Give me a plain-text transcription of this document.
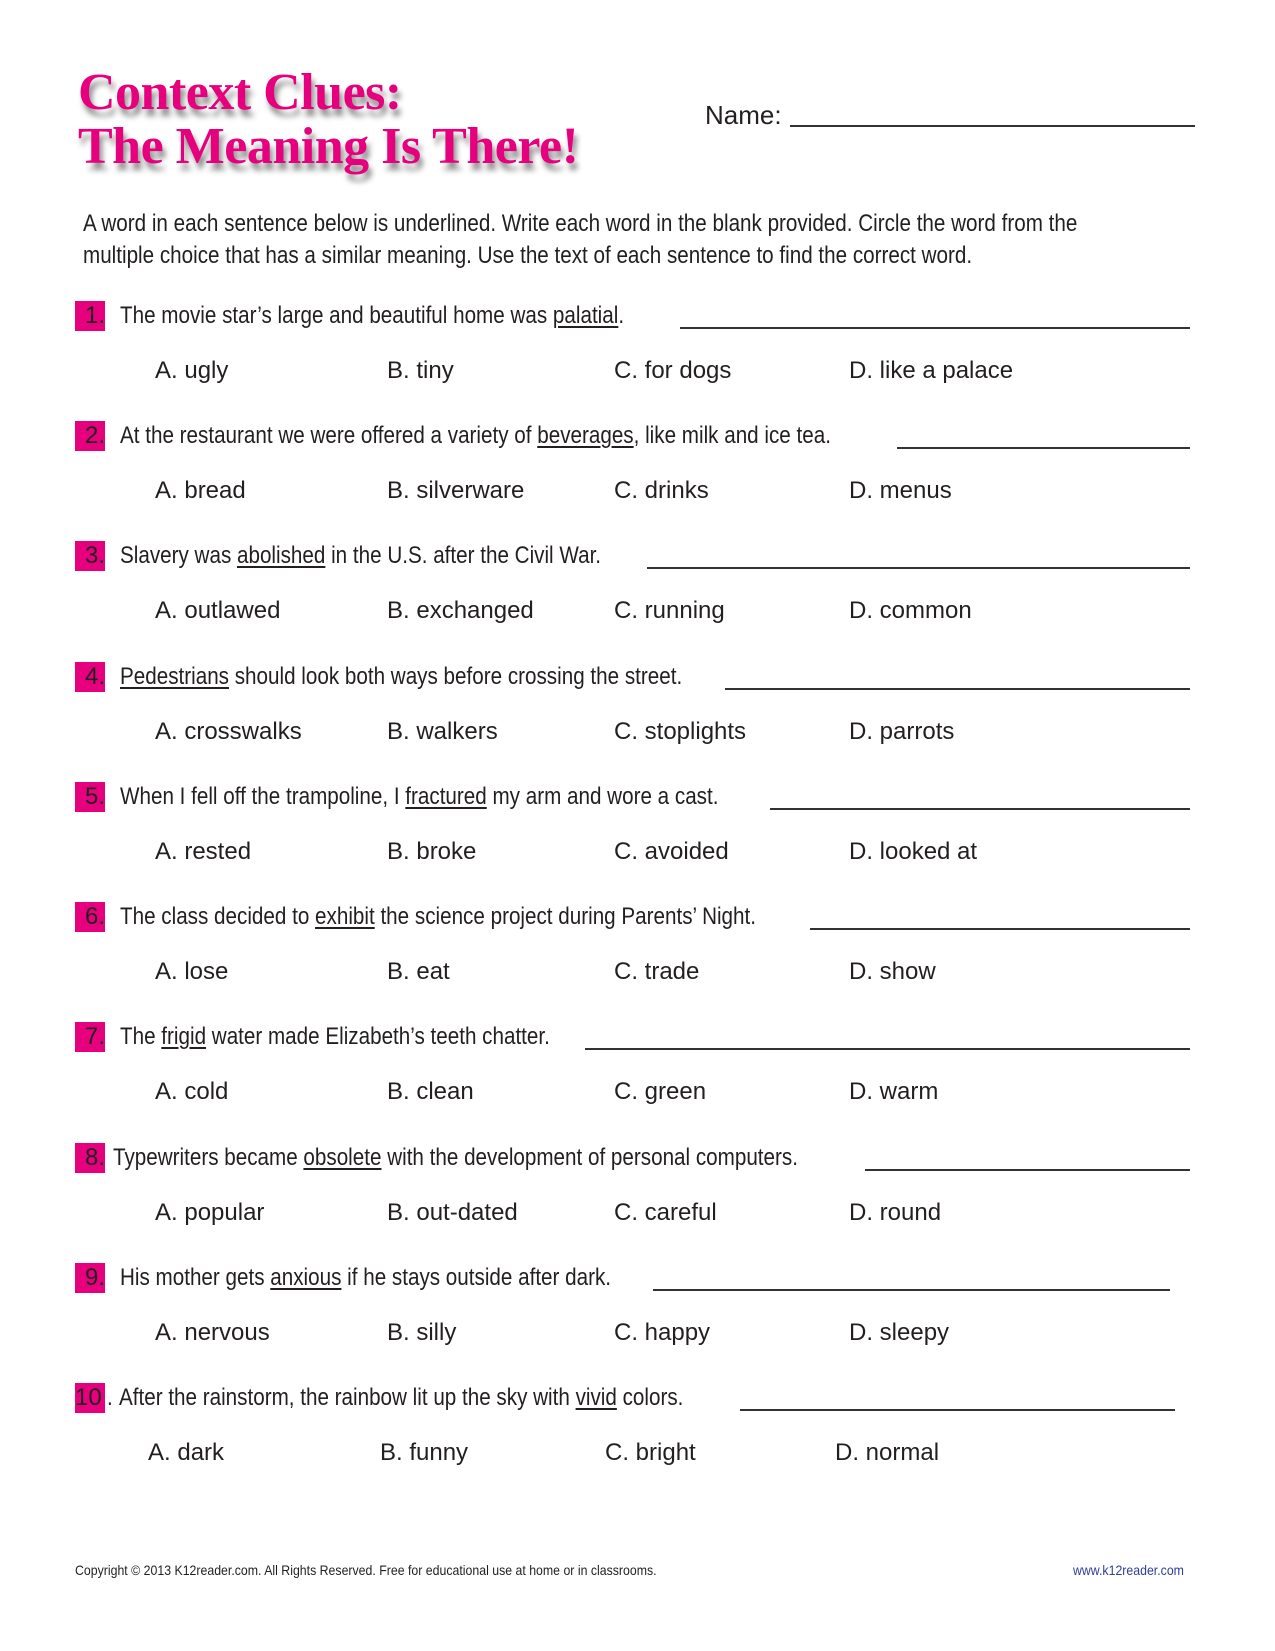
Context Clues:
The Meaning Is There!
Name:
A word in each sentence below is underlined. Write each word in the blank provided. Circle the word from the
multiple choice that has a similar meaning. Use the text of each sentence to find the correct word.
1. The movie star’s large and beautiful home was palatial.
A. ugly	B. tiny	C. for dogs	D. like a palace
2. At the restaurant we were offered a variety of beverages, like milk and ice tea.
A. bread	B. silverware	C. drinks	D. menus
3. Slavery was abolished in the U.S. after the Civil War.
A. outlawed	B. exchanged	C. running	D. common
4. Pedestrians should look both ways before crossing the street.
A. crosswalks	B. walkers	C. stoplights	D. parrots
5. When I fell off the trampoline, I fractured my arm and wore a cast.
A. rested	B. broke	C. avoided	D. looked at
6. The class decided to exhibit the science project during Parents’ Night.
A. lose	B. eat	C. trade	D. show
7. The frigid water made Elizabeth’s teeth chatter.
A. cold	B. clean	C. green	D. warm
8. Typewriters became obsolete with the development of personal computers.
A. popular	B. out-dated	C. careful	D. round
9. His mother gets anxious if he stays outside after dark.
A. nervous	B. silly	C. happy	D. sleepy
10 . After the rainstorm, the rainbow lit up the sky with vivid colors.
A. dark	B. funny	C. bright	D. normal
Copyright © 2013 K12reader.com. All Rights Reserved. Free for educational use at home or in classrooms.	www.k12reader.com
